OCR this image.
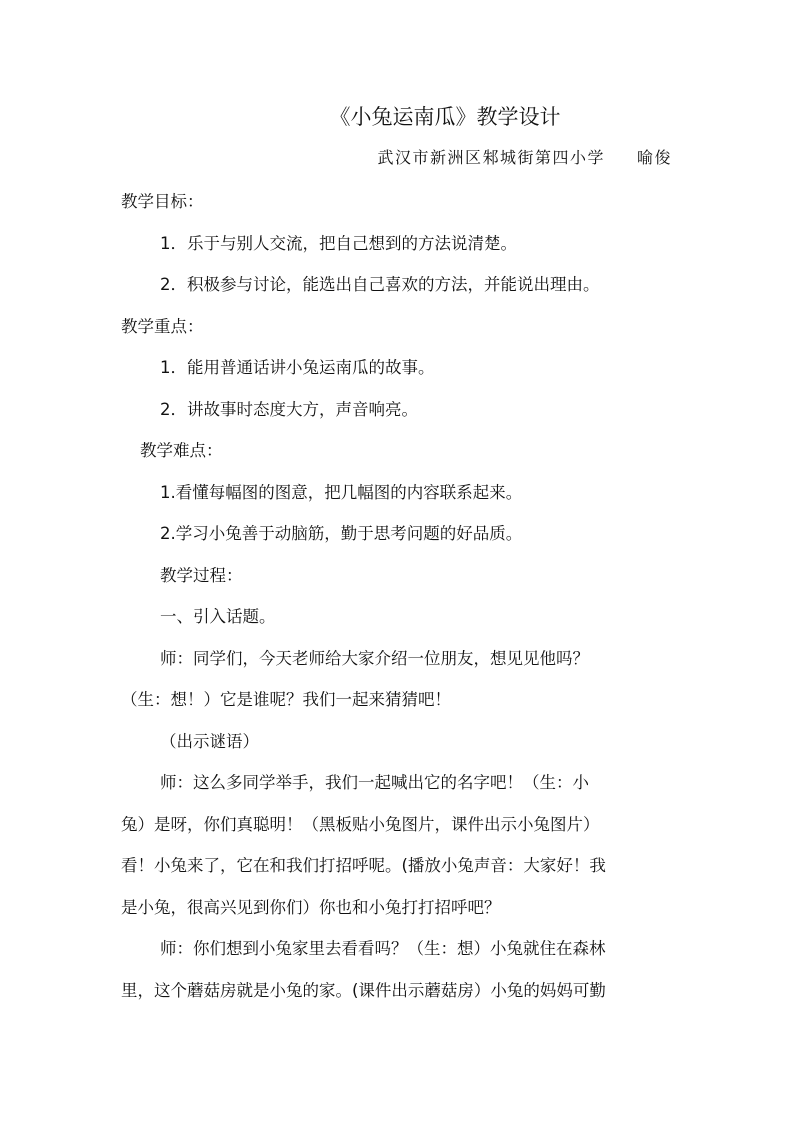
《小兔运南瓜》教学设计
武汉市新洲区邾城街第四小学 喻俊
教学目标：
1．乐于与别人交流，把自己想到的方法说清楚。
2．积极参与讨论，能选出自己喜欢的方法，并能说出理由。
教学重点：
1．能用普通话讲小兔运南瓜的故事。
2．讲故事时态度大方，声音响亮。
教学难点：
1.看懂每幅图的图意，把几幅图的内容联系起来。
2.学习小兔善于动脑筋，勤于思考问题的好品质。
教学过程：
一、引入话题。
师：同学们，今天老师给大家介绍一位朋友，想见见他吗？
（生：想！）它是谁呢？我们一起来猜猜吧！
（出示谜语）
师：这么多同学举手，我们一起喊出它的名字吧！（生：小
兔）是呀，你们真聪明！（黑板贴小兔图片，课件出示小兔图片）
看！小兔来了，它在和我们打招呼呢。(播放小兔声音：大家好！我
是小兔，很高兴见到你们）你也和小兔打打招呼吧？
师：你们想到小兔家里去看看吗？（生：想）小兔就住在森林
里，这个蘑菇房就是小兔的家。(课件出示蘑菇房）小兔的妈妈可勤
